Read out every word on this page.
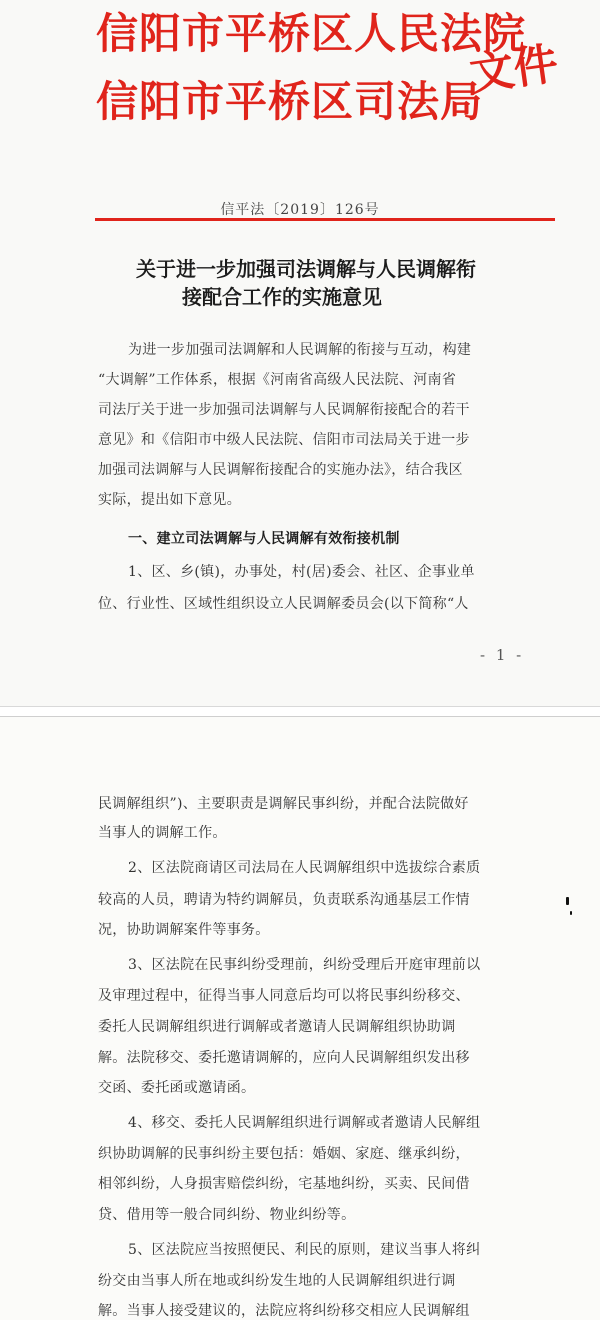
信阳市平桥区人民法院
信阳市平桥区司法局
文件
信平法〔2019〕126号
关于进一步加强司法调解与人民调解衔
接配合工作的实施意见
为进一步加强司法调解和人民调解的衔接与互动，构建
“大调解”工作体系，根据《河南省高级人民法院、河南省
司法厅关于进一步加强司法调解与人民调解衔接配合的若干
意见》和《信阳市中级人民法院、信阳市司法局关于进一步
加强司法调解与人民调解衔接配合的实施办法》，结合我区
实际，提出如下意见。
一、建立司法调解与人民调解有效衔接机制
1、区、乡(镇)，办事处，村(居)委会、社区、企事业单
位、行业性、区域性组织设立人民调解委员会(以下简称“人
- 1 -
民调解组织”)、主要职责是调解民事纠纷，并配合法院做好
当事人的调解工作。
2、区法院商请区司法局在人民调解组织中选拔综合素质
较高的人员，聘请为特约调解员，负责联系沟通基层工作情
况，协助调解案件等事务。
3、区法院在民事纠纷受理前，纠纷受理后开庭审理前以
及审理过程中，征得当事人同意后均可以将民事纠纷移交、
委托人民调解组织进行调解或者邀请人民调解组织协助调
解。法院移交、委托邀请调解的，应向人民调解组织发出移
交函、委托函或邀请函。
4、移交、委托人民调解组织进行调解或者邀请人民解组
织协助调解的民事纠纷主要包括：婚姻、家庭、继承纠纷，
相邻纠纷，人身损害赔偿纠纷，宅基地纠纷，买卖、民间借
贷、借用等一般合同纠纷、物业纠纷等。
5、区法院应当按照便民、利民的原则，建议当事人将纠
纷交由当事人所在地或纠纷发生地的人民调解组织进行调
解。当事人接受建议的，法院应将纠纷移交相应人民调解组
